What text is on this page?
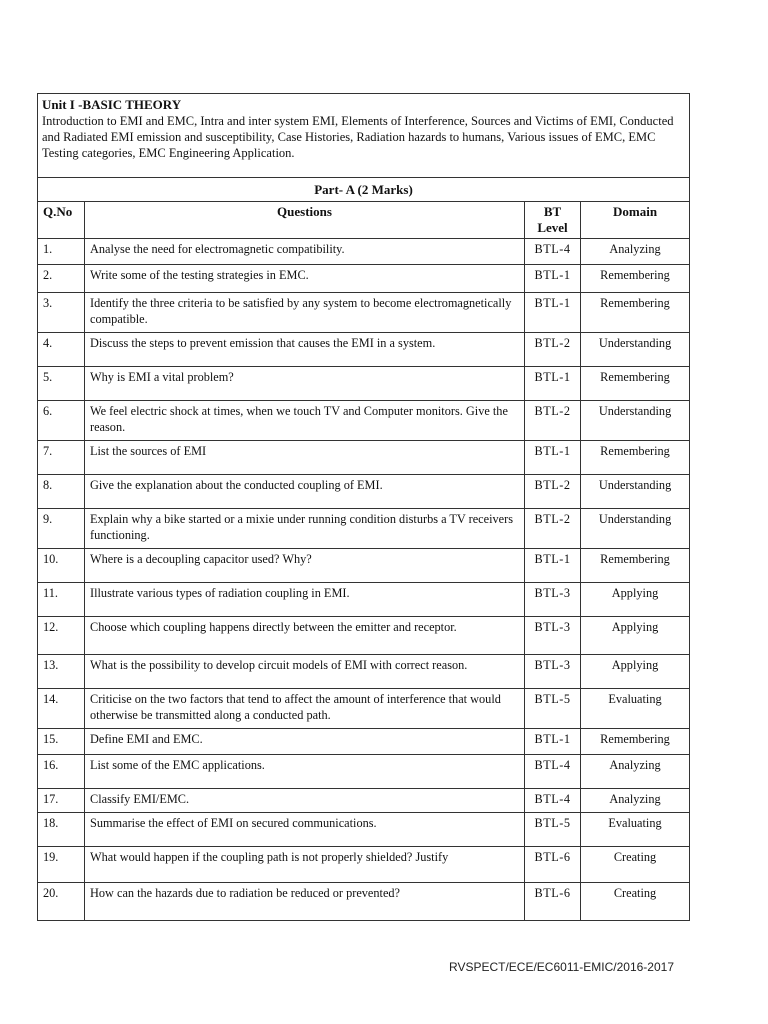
Unit I -BASIC THEORY
Introduction to EMI and EMC, Intra and inter system EMI, Elements of Interference, Sources and Victims of EMI, Conducted and Radiated EMI emission and susceptibility, Case Histories, Radiation hazards to humans, Various issues of EMC, EMC Testing categories, EMC Engineering Application.			

Part- A (2 Marks)			
Q.No	Questions	BT Level	Domain
1.	Analyse the need for electromagnetic compatibility.	BTL-4	Analyzing
2.	Write some of the testing strategies in EMC.	BTL-1	Remembering
3.	Identify the three criteria to be satisfied by any system to become electromagnetically compatible.	BTL-1	Remembering
4.	Discuss the steps to prevent emission that causes the EMI in a system.	BTL-2	Understanding
5.	Why is EMI a vital problem?	BTL-1	Remembering
6.	We feel electric shock at times, when we touch TV and Computer monitors. Give the reason.	BTL-2	Understanding
7.	List the sources of EMI	BTL-1	Remembering
8.	Give the explanation about the conducted coupling of EMI.	BTL-2	Understanding
9.	Explain why a bike started or a mixie under running condition disturbs a TV receivers functioning.	BTL-2	Understanding
10.	Where is a decoupling capacitor used? Why?	BTL-1	Remembering
11.	Illustrate various types of radiation coupling in EMI.	BTL-3	Applying
12.	Choose which coupling happens directly between the emitter and receptor.	BTL-3	Applying
13.	What is the possibility to develop circuit models of EMI with correct reason.	BTL-3	Applying
14.	Criticise on the two factors that tend to affect the amount of interference that would otherwise be transmitted along a conducted path.	BTL-5	Evaluating
15.	Define EMI and EMC.	BTL-1	Remembering
16.	List some of the EMC applications.	BTL-4	Analyzing
17.	Classify EMI/EMC.	BTL-4	Analyzing
18.	Summarise the effect of EMI on secured communications.	BTL-5	Evaluating
19.	What would happen if the coupling path is not properly shielded? Justify	BTL-6	Creating
20.	How can the hazards due to radiation be reduced or prevented?	BTL-6	Creating
RVSPECT/ECE/EC6011-EMIC/2016-2017
